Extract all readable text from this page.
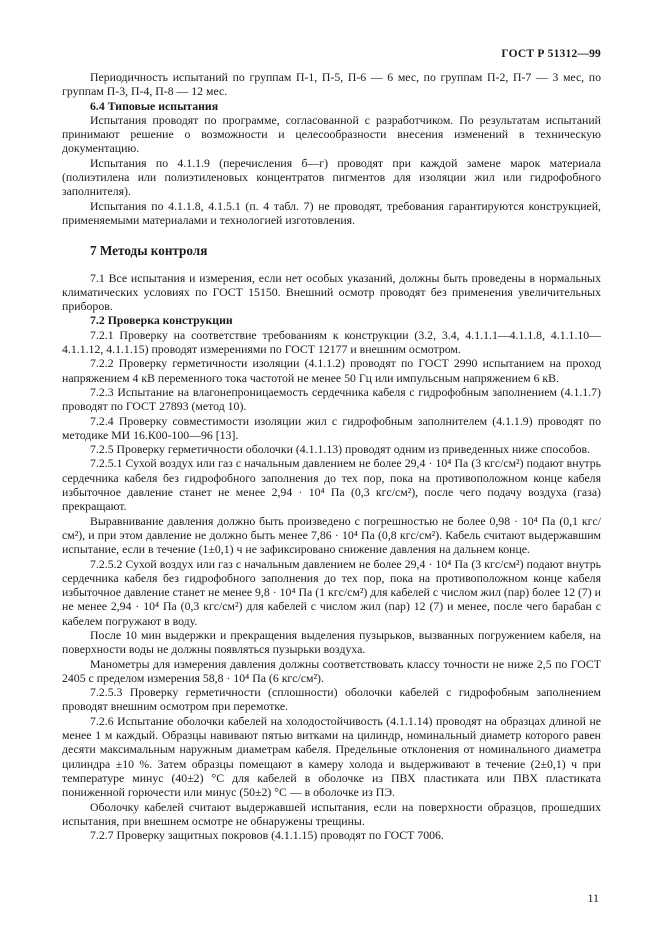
ГОСТ Р 51312—99

Периодичность испытаний по группам П-1, П-5, П-6 — 6 мес, по группам П-2, П-7 — 3 мес, по группам П-3, П-4, П-8 — 12 мес.

6.4 Типовые испытания

Испытания проводят по программе, согласованной с разработчиком. По результатам испытаний принимают решение о возможности и целесообразности внесения изменений в техническую документацию.

Испытания по 4.1.1.9 (перечисления б—г) проводят при каждой замене марок материала (полиэтилена или полиэтиленовых концентратов пигментов для изоляции жил или гидрофобного заполнителя).

Испытания по 4.1.1.8, 4.1.5.1 (п. 4 табл. 7) не проводят, требования гарантируются конструкцией, применяемыми материалами и технологией изготовления.

7 Методы контроля

7.1 Все испытания и измерения, если нет особых указаний, должны быть проведены в нормальных климатических условиях по ГОСТ 15150. Внешний осмотр проводят без применения увеличительных приборов.

7.2 Проверка конструкции

7.2.1 Проверку на соответствие требованиям к конструкции (3.2, 3.4, 4.1.1.1—4.1.1.8, 4.1.1.10—4.1.1.12, 4.1.1.15) проводят измерениями по ГОСТ 12177 и внешним осмотром.

7.2.2 Проверку герметичности изоляции (4.1.1.2) проводят по ГОСТ 2990 испытанием на проход напряжением 4 кВ переменного тока частотой не менее 50 Гц или импульсным напряжением 6 кВ.

7.2.3 Испытание на влагонепроницаемость сердечника кабеля с гидрофобным заполнением (4.1.1.7) проводят по ГОСТ 27893 (метод 10).

7.2.4 Проверку совместимости изоляции жил с гидрофобным заполнителем (4.1.1.9) проводят по методике МИ 16.К00-100—96 [13].

7.2.5 Проверку герметичности оболочки (4.1.1.13) проводят одним из приведенных ниже способов.

7.2.5.1 Сухой воздух или газ с начальным давлением не более 29,4 · 10⁴ Па (3 кгс/см²) подают внутрь сердечника кабеля без гидрофобного заполнения до тех пор, пока на противоположном конце кабеля избыточное давление станет не менее 2,94 · 10⁴ Па (0,3 кгс/см²), после чего подачу воздуха (газа) прекращают.

Выравнивание давления должно быть произведено с погрешностью не более 0,98 · 10⁴ Па (0,1 кгс/см²), и при этом давление не должно быть менее 7,86 · 10⁴ Па (0,8 кгс/см²). Кабель считают выдержавшим испытание, если в течение (1±0,1) ч не зафиксировано снижение давления на дальнем конце.

7.2.5.2 Сухой воздух или газ с начальным давлением не более 29,4 · 10⁴ Па (3 кгс/см²) подают внутрь сердечника кабеля без гидрофобного заполнения до тех пор, пока на противоположном конце кабеля избыточное давление станет не менее 9,8 · 10⁴ Па (1 кгс/см²) для кабелей с числом жил (пар) более 12 (7) и не менее 2,94 · 10⁴ Па (0,3 кгс/см²) для кабелей с числом жил (пар) 12 (7) и менее, после чего барабан с кабелем погружают в воду.

После 10 мин выдержки и прекращения выделения пузырьков, вызванных погружением кабеля, на поверхности воды не должны появляться пузырьки воздуха.

Манометры для измерения давления должны соответствовать классу точности не ниже 2,5 по ГОСТ 2405 с пределом измерения 58,8 · 10⁴ Па (6 кгс/см²).

7.2.5.3 Проверку герметичности (сплошности) оболочки кабелей с гидрофобным заполнением проводят внешним осмотром при перемотке.

7.2.6 Испытание оболочки кабелей на холодостойчивость (4.1.1.14) проводят на образцах длиной не менее 1 м каждый. Образцы навивают пятью витками на цилиндр, номинальный диаметр которого равен десяти максимальным наружным диаметрам кабеля. Предельные отклонения от номинального диаметра цилиндра ±10 %. Затем образцы помещают в камеру холода и выдерживают в течение (2±0,1) ч при температуре минус (40±2) °С для кабелей в оболочке из ПВХ пластиката или ПВХ пластиката пониженной горючести или минус (50±2) °С — в оболочке из ПЭ.

Оболочку кабелей считают выдержавшей испытания, если на поверхности образцов, прошедших испытания, при внешнем осмотре не обнаружены трещины.

7.2.7 Проверку защитных покровов (4.1.1.15) проводят по ГОСТ 7006.

11
